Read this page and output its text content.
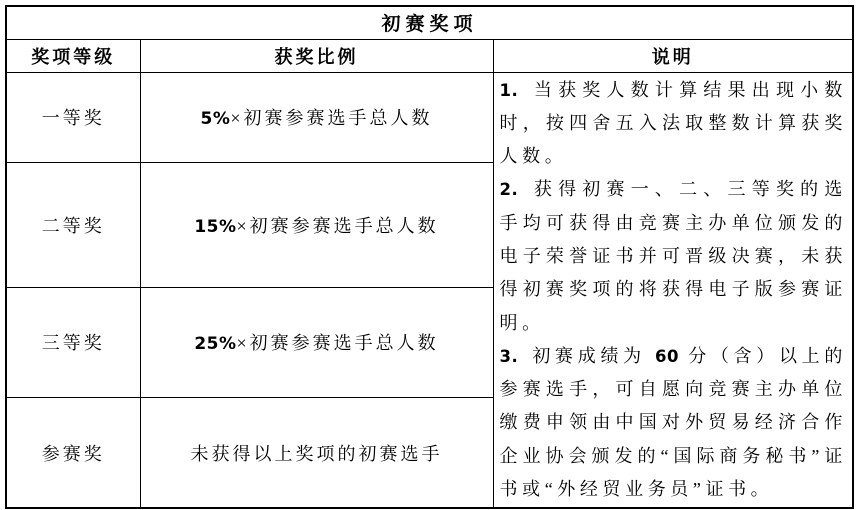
初赛奖项		
奖项等级	获奖比例	说明
一等奖	5%×初赛参赛选手总人数	1. 当获奖人数计算结果出现小数时，按四舍五入法取整数计算获奖人数。

2. 获得初赛一、二、三等奖的选手均可获得由竞赛主办单位颁发的电子荣誉证书并可晋级决赛，未获得初赛奖项的将获得电子版参赛证明。

3. 初赛成绩为 60 分（含）以上的参赛选手，可自愿向竞赛主办单位缴费申领由中国对外贸易经济合作企业协会颁发的“国际商务秘书”证书或“外经贸业务员”证书。

二等奖	15%×初赛参赛选手总人数	
三等奖	25%×初赛参赛选手总人数	
参赛奖	未获得以上奖项的初赛选手	
